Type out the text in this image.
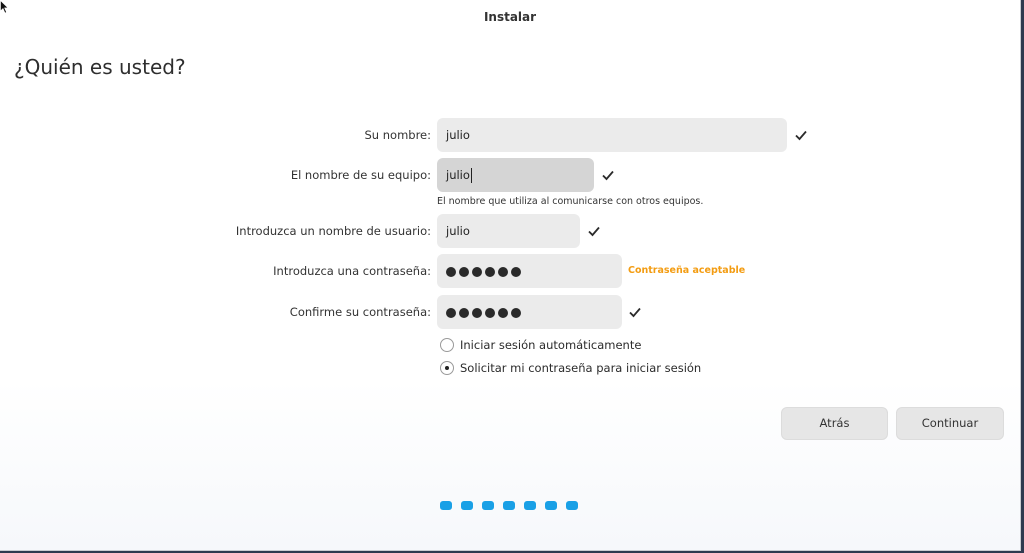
Instalar
¿Quién es usted?
Su nombre:	julio
El nombre de su equipo:	julio
El nombre que utiliza al comunicarse con otros equipos.
Introduzca un nombre de usuario:	julio
Introduzca una contraseña:	Contraseña aceptable
Confirme su contraseña:
Iniciar sesión automáticamente
Solicitar mi contraseña para iniciar sesión
Atrás	Continuar
